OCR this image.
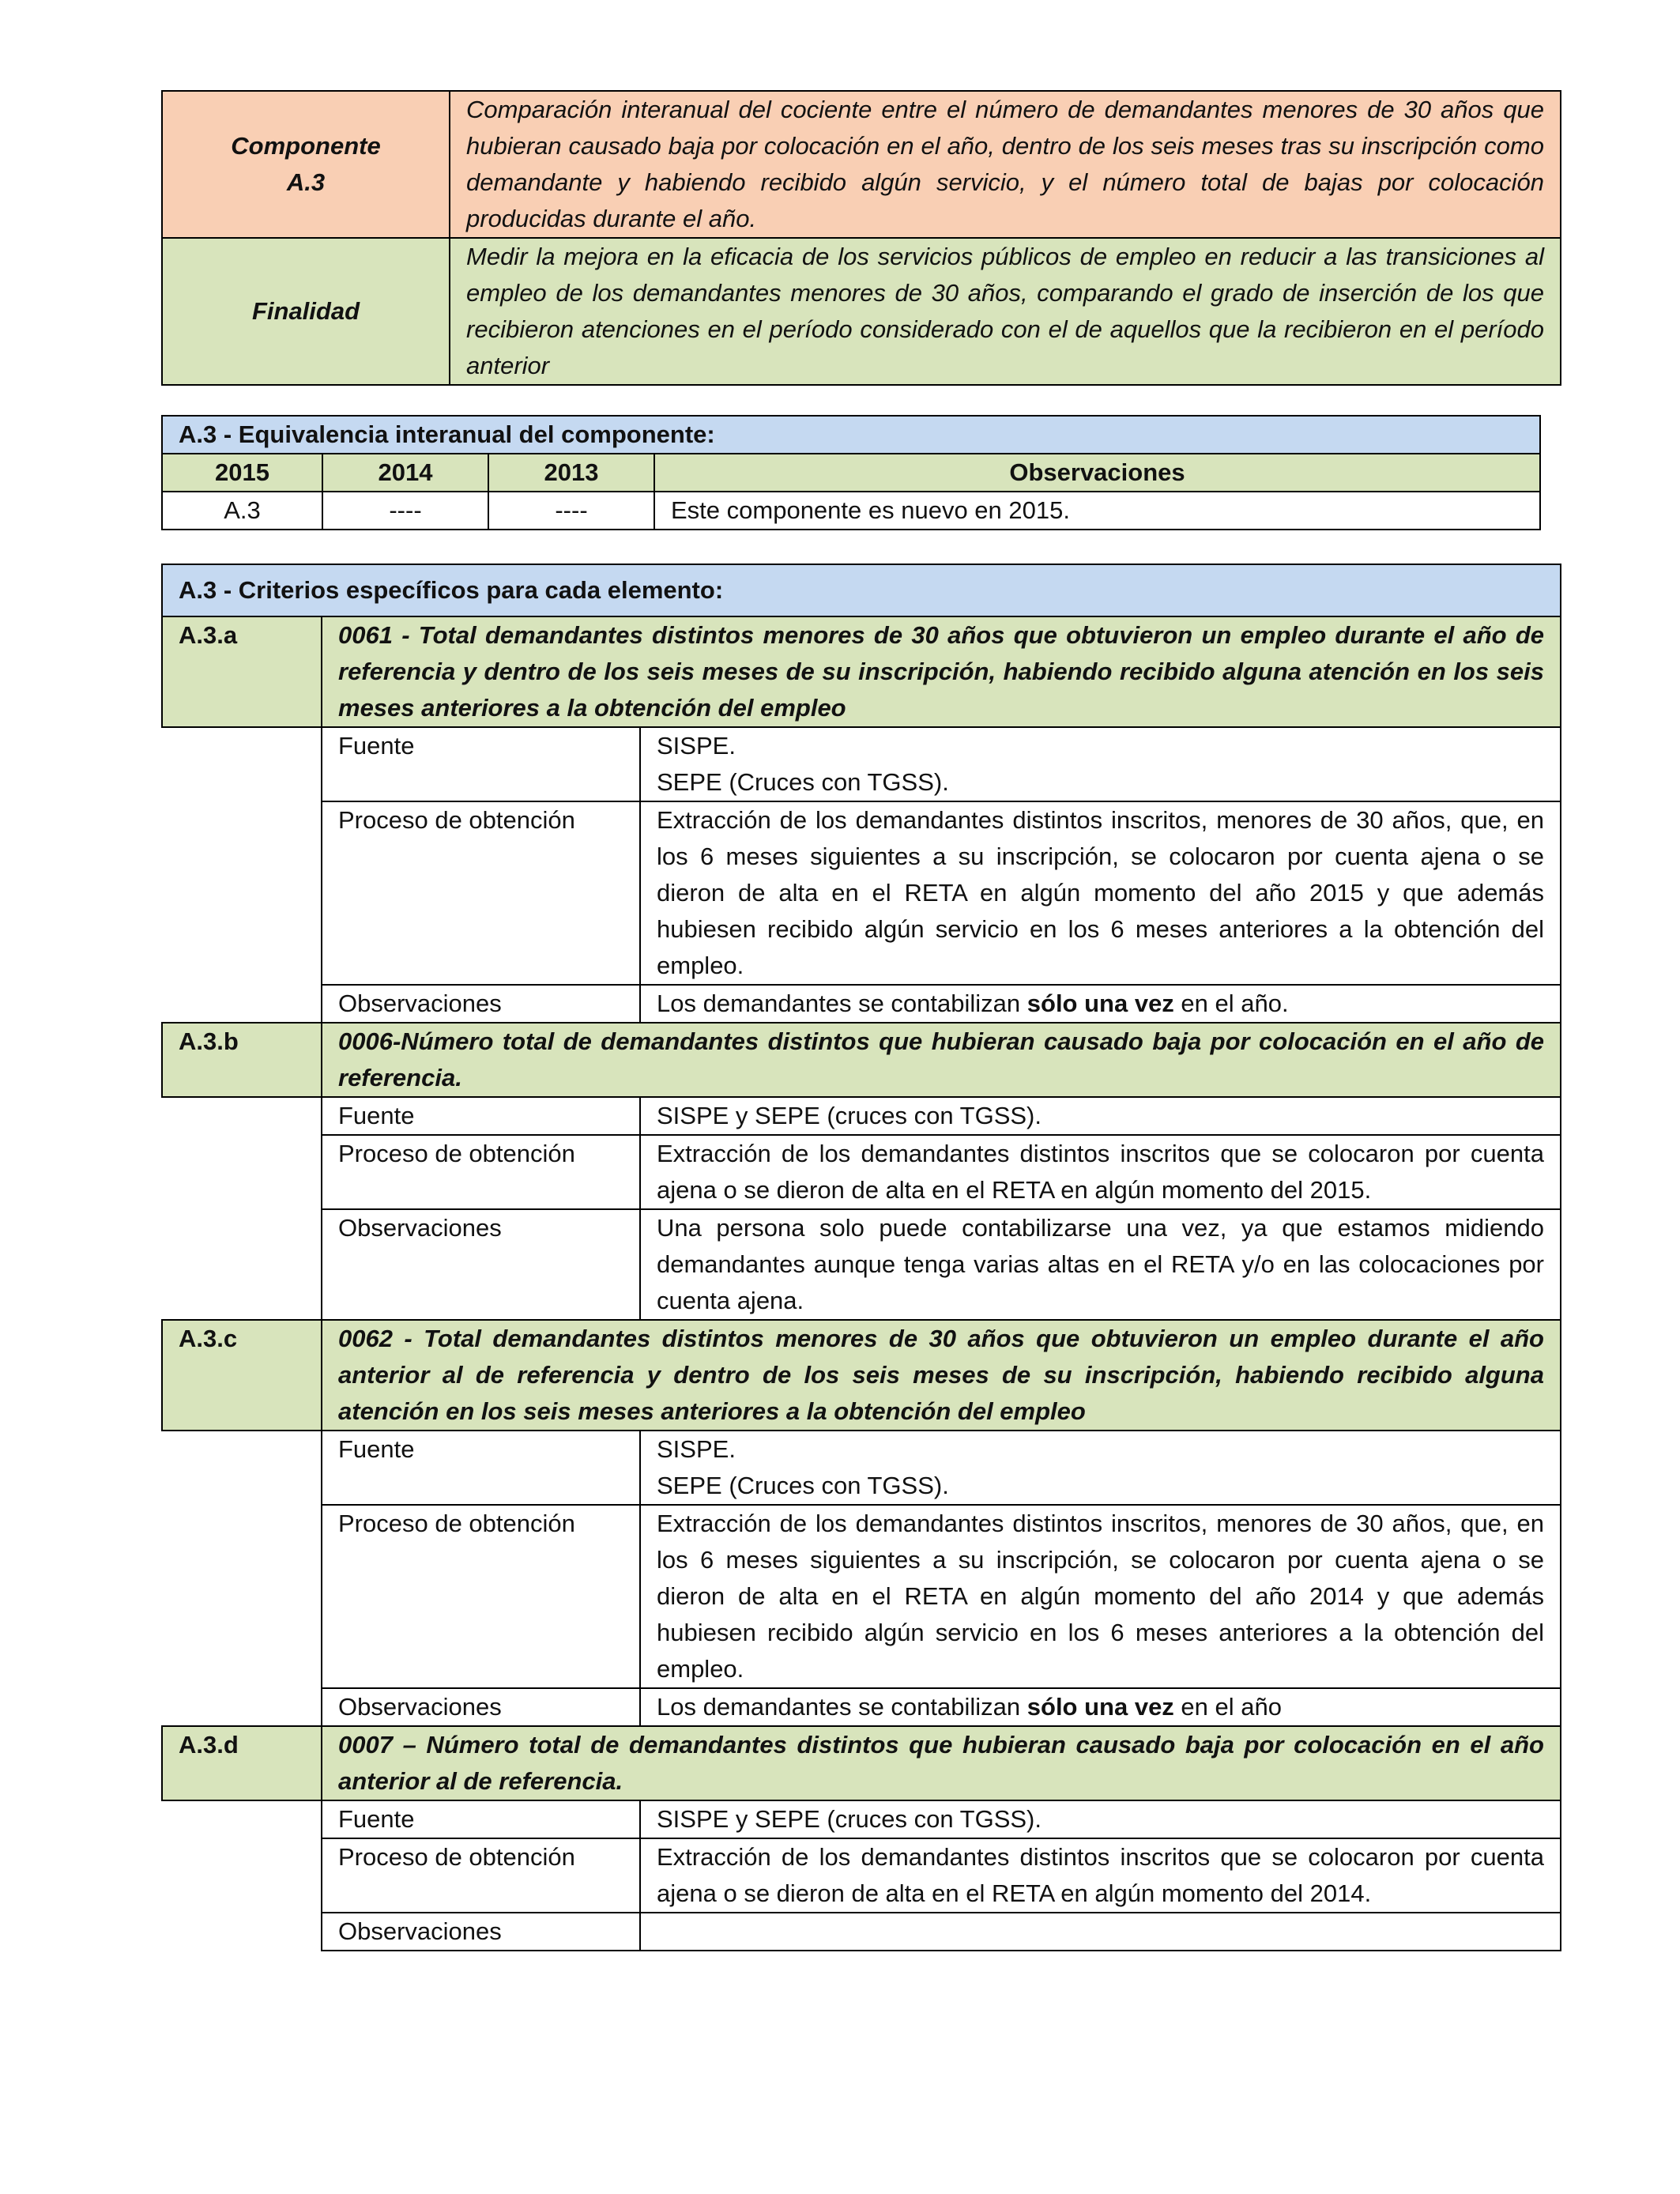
Componente
A.3	Comparación interanual del cociente entre el número de demandantes menores de 30 años que hubieran causado baja por colocación en el año, dentro de los seis meses tras su inscripción como demandante y habiendo recibido algún servicio, y el número total de bajas por colocación producidas durante el año.
Finalidad	Medir la mejora en la eficacia de los servicios públicos de empleo en reducir a las transiciones al empleo de los demandantes menores de 30 años, comparando el grado de inserción de los que recibieron atenciones en el período considerado con el de aquellos que la recibieron en el período anterior
A.3 - Equivalencia interanual del componente:			
2015	2014	2013	Observaciones
A.3	----	----	Este componente es nuevo en 2015.
A.3 - Criterios específicos para cada elemento:		
A.3.a	0061 - Total demandantes distintos menores de 30 años que obtuvieron un empleo durante el año de referencia y dentro de los seis meses de su inscripción, habiendo recibido alguna atención en los seis meses anteriores a la obtención del empleo	
	Fuente	SISPE.
SEPE (Cruces con TGSS).

	Proceso de obtención	Extracción de los demandantes distintos inscritos, menores de 30 años, que, en los 6 meses siguientes a su inscripción, se colocaron por cuenta ajena o se dieron de alta en el RETA en algún momento del año 2015 y que además hubiesen recibido algún servicio en los 6 meses anteriores a la obtención del empleo.
	Observaciones	Los demandantes se contabilizan sólo una vez en el año.
A.3.b	0006-Número total de demandantes distintos que hubieran causado baja por colocación en el año de referencia.	
	Fuente	SISPE y SEPE (cruces con TGSS).
	Proceso de obtención	Extracción de los demandantes distintos inscritos que se colocaron por cuenta ajena o se dieron de alta en el RETA en algún momento del 2015.
	Observaciones	Una persona solo puede contabilizarse una vez, ya que estamos midiendo demandantes aunque tenga varias altas en el RETA y/o en las colocaciones por cuenta ajena.
A.3.c	0062 - Total demandantes distintos menores de 30 años que obtuvieron un empleo durante el año anterior al de referencia y dentro de los seis meses de su inscripción, habiendo recibido alguna atención en los seis meses anteriores a la obtención del empleo	
	Fuente	SISPE.
SEPE (Cruces con TGSS).

	Proceso de obtención	Extracción de los demandantes distintos inscritos, menores de 30 años, que, en los 6 meses siguientes a su inscripción, se colocaron por cuenta ajena o se dieron de alta en el RETA en algún momento del año 2014 y que además hubiesen recibido algún servicio en los 6 meses anteriores a la obtención del empleo.
	Observaciones	Los demandantes se contabilizan sólo una vez en el año
A.3.d	0007 – Número total de demandantes distintos que hubieran causado baja por colocación en el año anterior al de referencia.	
	Fuente	SISPE y SEPE (cruces con TGSS).
	Proceso de obtención	Extracción de los demandantes distintos inscritos que se colocaron por cuenta ajena o se dieron de alta en el RETA en algún momento del 2014.
	Observaciones	
